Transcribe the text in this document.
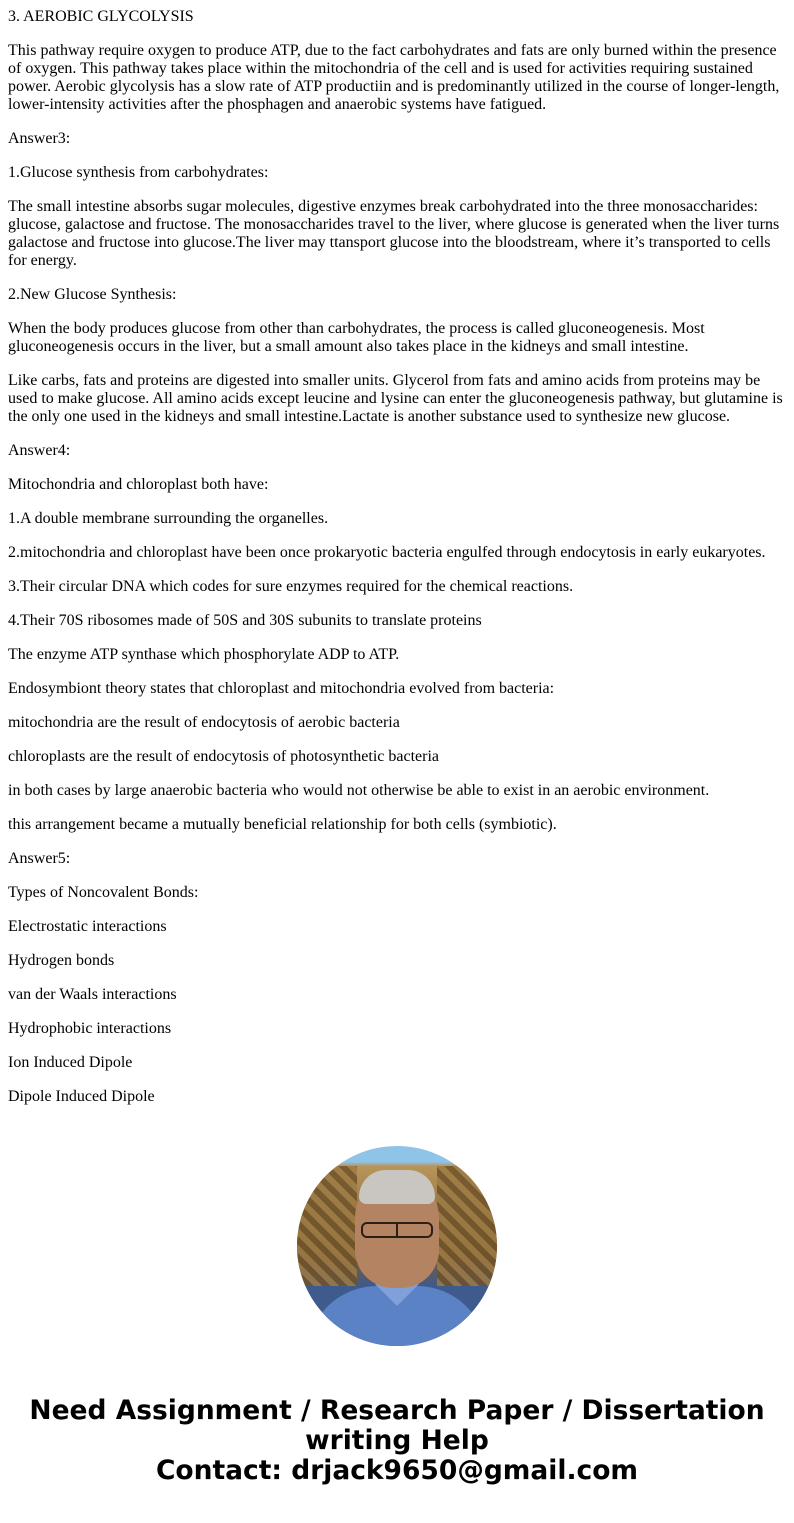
3. AEROBIC GLYCOLYSIS

This pathway require oxygen to produce ATP, due to the fact carbohydrates and fats are only burned within the presence of oxygen. This pathway takes place within the mitochondria of the cell and is used for activities requiring sustained power. Aerobic glycolysis has a slow rate of ATP productiin and is predominantly utilized in the course of longer-length, lower-intensity activities after the phosphagen and anaerobic systems have fatigued.

Answer3:

1.Glucose synthesis from carbohydrates:

The small intestine absorbs sugar molecules, digestive enzymes break carbohydrated into the three monosaccharides: glucose, galactose and fructose. The monosaccharides travel to the liver, where glucose is generated when the liver turns galactose and fructose into glucose.The liver may ttansport glucose into the bloodstream, where it’s transported to cells for energy.

2.New Glucose Synthesis:

When the body produces glucose from other than carbohydrates, the process is called gluconeogenesis. Most gluconeogenesis occurs in the liver, but a small amount also takes place in the kidneys and small intestine.

Like carbs, fats and proteins are digested into smaller units. Glycerol from fats and amino acids from proteins may be used to make glucose. All amino acids except leucine and lysine can enter the gluconeogenesis pathway, but glutamine is the only one used in the kidneys and small intestine.Lactate is another substance used to synthesize new glucose.

Answer4:

Mitochondria and chloroplast both have:

1.A double membrane surrounding the organelles.

2.mitochondria and chloroplast have been once prokaryotic bacteria engulfed through endocytosis in early eukaryotes.

3.Their circular DNA which codes for sure enzymes required for the chemical reactions.

4.Their 70S ribosomes made of 50S and 30S subunits to translate proteins

The enzyme ATP synthase which phosphorylate ADP to ATP.

Endosymbiont theory states that chloroplast and mitochondria evolved from bacteria:

mitochondria are the result of endocytosis of aerobic bacteria

chloroplasts are the result of endocytosis of photosynthetic bacteria

in both cases by large anaerobic bacteria who would not otherwise be able to exist in an aerobic environment.

this arrangement became a mutually beneficial relationship for both cells (symbiotic).

Answer5:

Types of Noncovalent Bonds:

Electrostatic interactions

Hydrogen bonds

van der Waals interactions

Hydrophobic interactions

Ion Induced Dipole

Dipole Induced Dipole

Need Assignment / Research Paper / Dissertation writing Help
Contact: drjack9650@gmail.com
